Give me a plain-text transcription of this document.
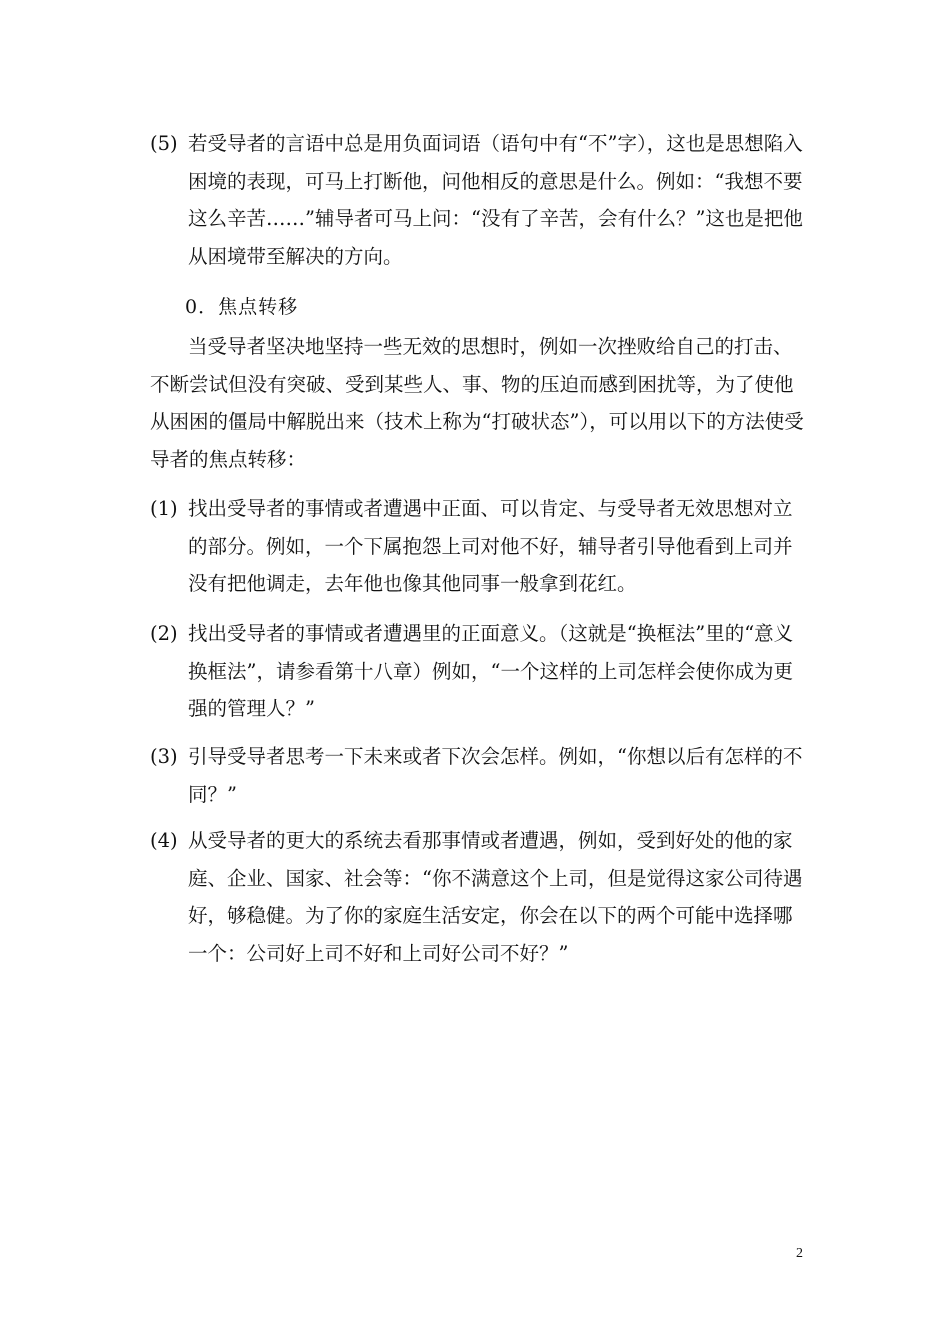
(5) 若受导者的言语中总是用负面词语（语句中有“不”字），这也是思想陷入困境的表现，可马上打断他，问他相反的意思是什么。例如：“我想不要这么辛苦……”辅导者可马上问：“没有了辛苦，会有什么？”这也是把他从困境带至解决的方向。
0．焦点转移
当受导者坚决地坚持一些无效的思想时，例如一次挫败给自己的打击、不断尝试但没有突破、受到某些人、事、物的压迫而感到困扰等，为了使他从困困的僵局中解脱出来（技术上称为“打破状态”），可以用以下的方法使受导者的焦点转移：
(1) 找出受导者的事情或者遭遇中正面、可以肯定、与受导者无效思想对立的部分。例如，一个下属抱怨上司对他不好，辅导者引导他看到上司并没有把他调走，去年他也像其他同事一般拿到花红。
(2) 找出受导者的事情或者遭遇里的正面意义。（这就是“换框法”里的“意义换框法”，请参看第十八章）例如，“一个这样的上司怎样会使你成为更强的管理人？”
(3) 引导受导者思考一下未来或者下次会怎样。例如，“你想以后有怎样的不同？”
(4) 从受导者的更大的系统去看那事情或者遭遇，例如，受到好处的他的家庭、企业、国家、社会等：“你不满意这个上司，但是觉得这家公司待遇好，够稳健。为了你的家庭生活安定，你会在以下的两个可能中选择哪一个：公司好上司不好和上司好公司不好？”
2
